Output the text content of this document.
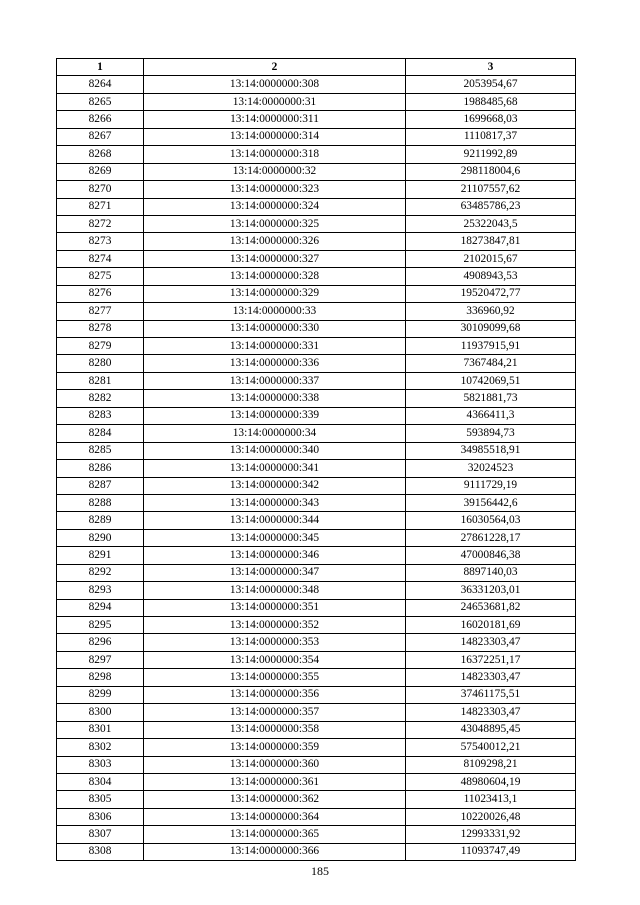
1	2	3
8264	13:14:0000000:308	2053954,67
8265	13:14:0000000:31	1988485,68
8266	13:14:0000000:311	1699668,03
8267	13:14:0000000:314	1110817,37
8268	13:14:0000000:318	9211992,89
8269	13:14:0000000:32	298118004,6
8270	13:14:0000000:323	21107557,62
8271	13:14:0000000:324	63485786,23
8272	13:14:0000000:325	25322043,5
8273	13:14:0000000:326	18273847,81
8274	13:14:0000000:327	2102015,67
8275	13:14:0000000:328	4908943,53
8276	13:14:0000000:329	19520472,77
8277	13:14:0000000:33	336960,92
8278	13:14:0000000:330	30109099,68
8279	13:14:0000000:331	11937915,91
8280	13:14:0000000:336	7367484,21
8281	13:14:0000000:337	10742069,51
8282	13:14:0000000:338	5821881,73
8283	13:14:0000000:339	4366411,3
8284	13:14:0000000:34	593894,73
8285	13:14:0000000:340	34985518,91
8286	13:14:0000000:341	32024523
8287	13:14:0000000:342	9111729,19
8288	13:14:0000000:343	39156442,6
8289	13:14:0000000:344	16030564,03
8290	13:14:0000000:345	27861228,17
8291	13:14:0000000:346	47000846,38
8292	13:14:0000000:347	8897140,03
8293	13:14:0000000:348	36331203,01
8294	13:14:0000000:351	24653681,82
8295	13:14:0000000:352	16020181,69
8296	13:14:0000000:353	14823303,47
8297	13:14:0000000:354	16372251,17
8298	13:14:0000000:355	14823303,47
8299	13:14:0000000:356	37461175,51
8300	13:14:0000000:357	14823303,47
8301	13:14:0000000:358	43048895,45
8302	13:14:0000000:359	57540012,21
8303	13:14:0000000:360	8109298,21
8304	13:14:0000000:361	48980604,19
8305	13:14:0000000:362	11023413,1
8306	13:14:0000000:364	10220026,48
8307	13:14:0000000:365	12993331,92
8308	13:14:0000000:366	11093747,49
185
